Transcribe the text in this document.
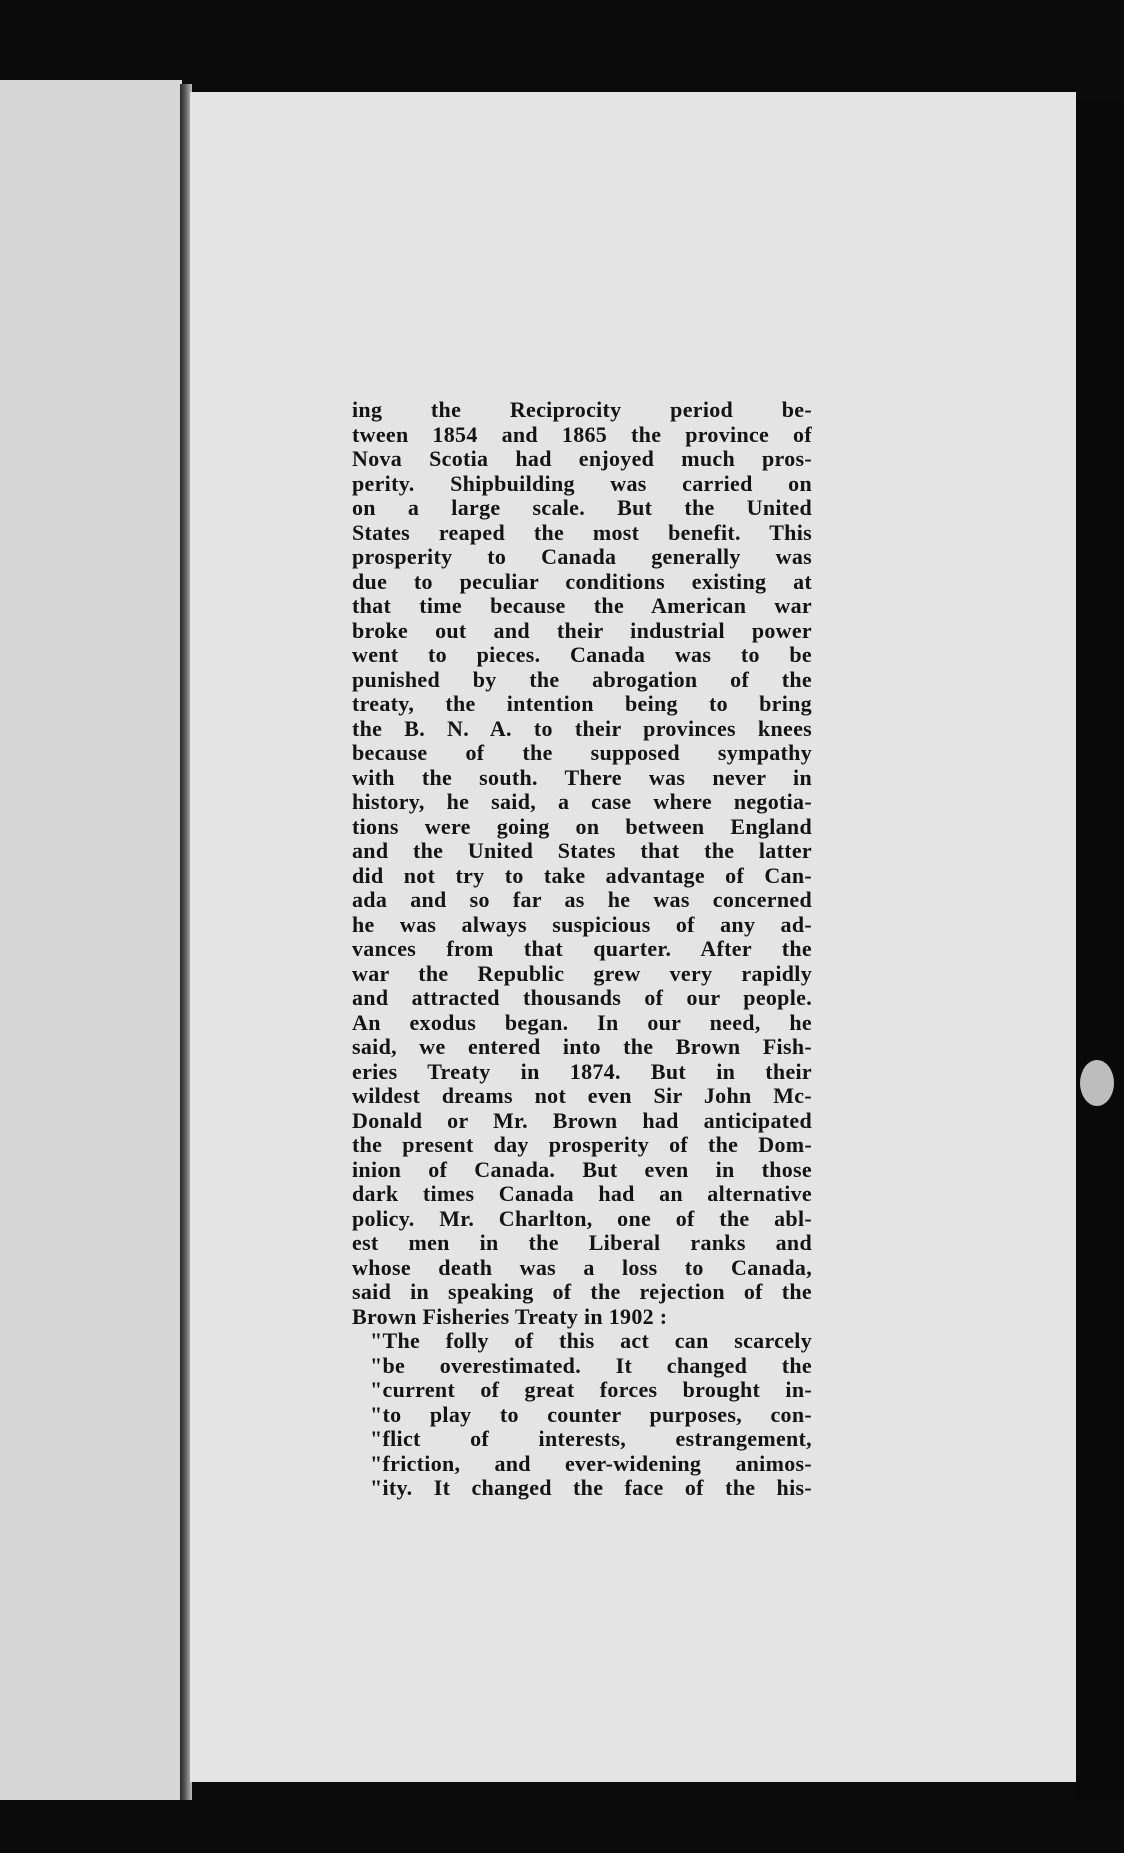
ing the Reciprocity period be-
tween 1854 and 1865 the province of
Nova Scotia had enjoyed much pros-
perity. Shipbuilding was carried on
on a large scale. But the United
States reaped the most benefit. This
prosperity to Canada generally was
due to peculiar conditions existing at
that time because the American war
broke out and their industrial power
went to pieces. Canada was to be
punished by the abrogation of the
treaty, the intention being to bring
the B. N. A. to their provinces knees
because of the supposed sympathy
with the south. There was never in
history, he said, a case where negotia-
tions were going on between England
and the United States that the latter
did not try to take advantage of Can-
ada and so far as he was concerned
he was always suspicious of any ad-
vances from that quarter. After the
war the Republic grew very rapidly
and attracted thousands of our people.
An exodus began. In our need, he
said, we entered into the Brown Fish-
eries Treaty in 1874. But in their
wildest dreams not even Sir John Mc-
Donald or Mr. Brown had anticipated
the present day prosperity of the Dom-
inion of Canada. But even in those
dark times Canada had an alternative
policy. Mr. Charlton, one of the abl-
est men in the Liberal ranks and
whose death was a loss to Canada,
said in speaking of the rejection of the
Brown Fisheries Treaty in 1902 :

"The folly of this act can scarcely
"be overestimated. It changed the
"current of great forces brought in-
"to play to counter purposes, con-
"flict of interests, estrangement,
"friction, and ever-widening animos-
"ity. It changed the face of the his-
